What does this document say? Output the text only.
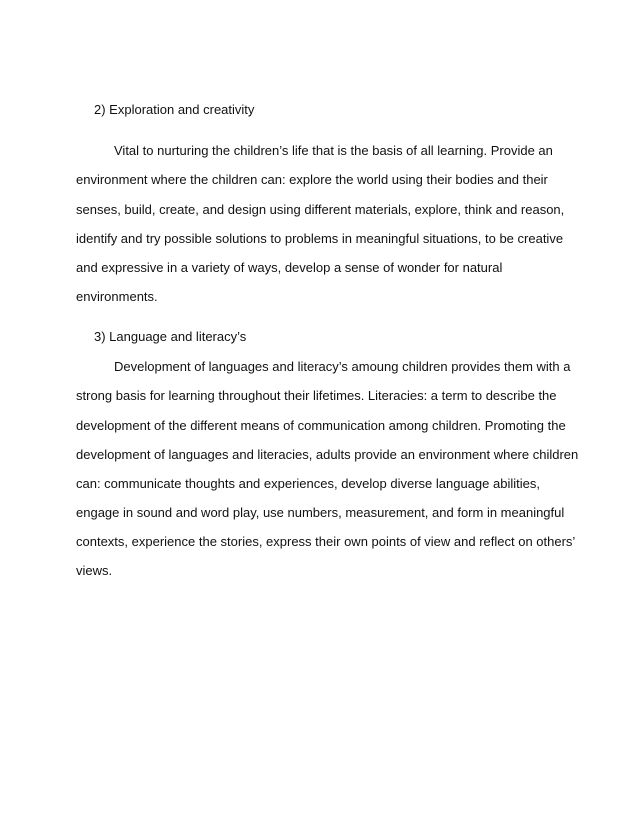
2) Exploration and creativity
Vital to nurturing the children’s life that is the basis of all learning. Provide an
environment where the children can: explore the world using their bodies and their
senses, build, create, and design using different materials, explore, think and reason,
identify and try possible solutions to problems in meaningful situations, to be creative
and expressive in a variety of ways, develop a sense of wonder for natural
environments.
3) Language and literacy’s
Development of languages and literacy’s amoung children provides them with a
strong basis for learning throughout their lifetimes. Literacies: a term to describe the
development of the different means of communication among children. Promoting the
development of languages and literacies, adults provide an environment where children
can: communicate thoughts and experiences, develop diverse language abilities,
engage in sound and word play, use numbers, measurement, and form in meaningful
contexts, experience the stories, express their own points of view and reflect on others’
views.
